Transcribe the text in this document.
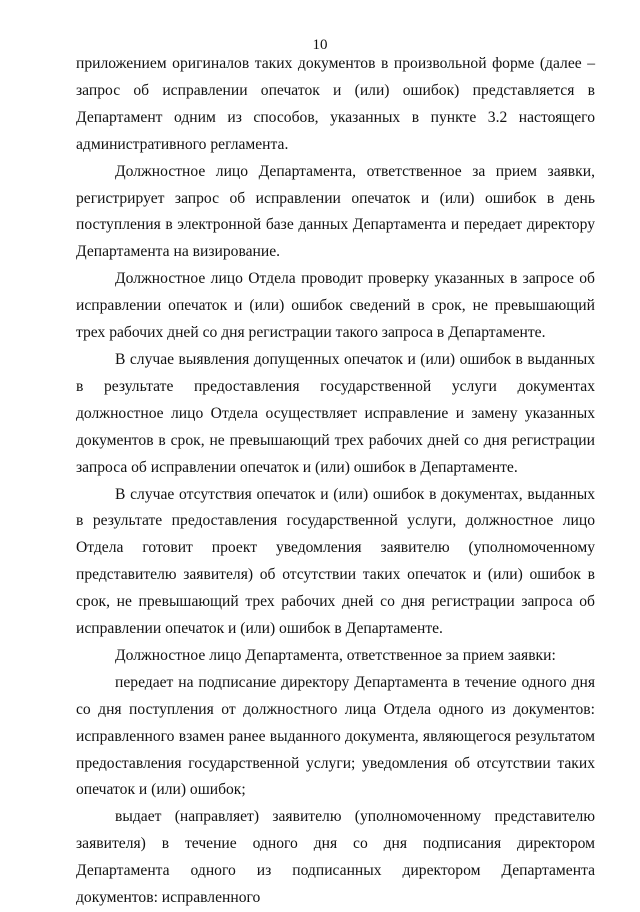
10

приложением оригиналов таких документов в произвольной форме (далее – запрос об исправлении опечаток и (или) ошибок) представляется в Департамент одним из способов, указанных в пункте 3.2 настоящего административного регламента.

Должностное лицо Департамента, ответственное за прием заявки, регистрирует запрос об исправлении опечаток и (или) ошибок в день поступления в электронной базе данных Департамента и передает директору Департамента на визирование.

Должностное лицо Отдела проводит проверку указанных в запросе об исправлении опечаток и (или) ошибок сведений в срок, не превышающий трех рабочих дней со дня регистрации такого запроса в Департаменте.

В случае выявления допущенных опечаток и (или) ошибок в выданных в результате предоставления государственной услуги документах должностное лицо Отдела осуществляет исправление и замену указанных документов в срок, не превышающий трех рабочих дней со дня регистрации запроса об исправлении опечаток и (или) ошибок в Департаменте.

В случае отсутствия опечаток и (или) ошибок в документах, выданных в результате предоставления государственной услуги, должностное лицо Отдела готовит проект уведомления заявителю (уполномоченному представителю заявителя) об отсутствии таких опечаток и (или) ошибок в срок, не превышающий трех рабочих дней со дня регистрации запроса об исправлении опечаток и (или) ошибок в Департаменте.

Должностное лицо Департамента, ответственное за прием заявки:

передает на подписание директору Департамента в течение одного дня со дня поступления от должностного лица Отдела одного из документов: исправленного взамен ранее выданного документа, являющегося результатом предоставления государственной услуги; уведомления об отсутствии таких опечаток и (или) ошибок;

выдает (направляет) заявителю (уполномоченному представителю заявителя) в течение одного дня со дня подписания директором Департамента одного из подписанных директором Департамента документов: исправленного
